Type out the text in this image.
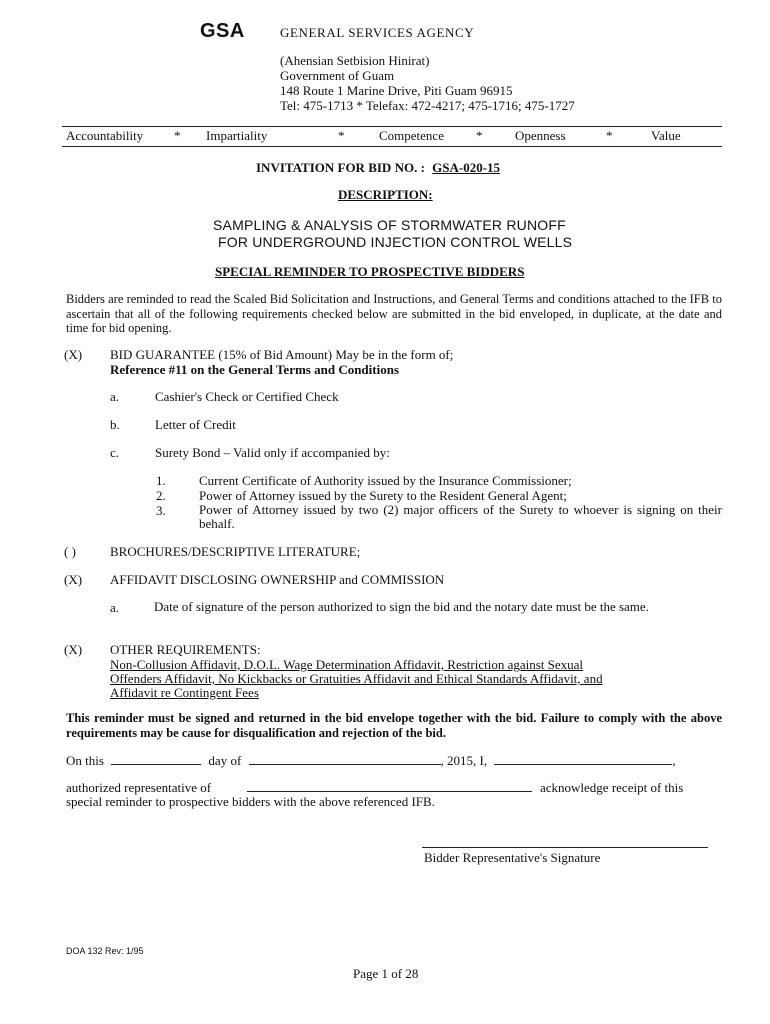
GSA	GENERAL SERVICES AGENCY
(Ahensian Setbision Hinirat)
Government of Guam
148 Route 1 Marine Drive, Piti Guam 96915
Tel: 475-1713 * Telefax: 472-4217; 475-1716; 475-1727
Accountability * Impartiality	*	Competence *	Openness	*	Value
INVITATION FOR BID NO. : GSA-020-15
DESCRIPTION:
SAMPLING & ANALYSIS OF STORMWATER RUNOFF
FOR UNDERGROUND INJECTION CONTROL WELLS
SPECIAL REMINDER TO PROSPECTIVE BIDDERS
Bidders are reminded to read the Scaled Bid Solicitation and Instructions, and General Terms and conditions attached to the IFB to ascertain that all of the following requirements checked below are submitted in the bid enveloped, in duplicate, at the date and time for bid opening.
(X) BID GUARANTEE (15% of Bid Amount) May be in the form of;
Reference #11 on the General Terms and Conditions
a.	Cashier's Check or Certified Check
b.	Letter of Credit
c.	Surety Bond – Valid only if accompanied by:
1.	Current Certificate of Authority issued by the Insurance Commissioner;
2.	Power of Attorney issued by the Surety to the Resident General Agent;
3.	Power of Attorney issued by two (2) major officers of the Surety to whoever is signing on their behalf.
( )	BROCHURES/DESCRIPTIVE LITERATURE;
(X) AFFIDAVIT DISCLOSING OWNERSHIP and COMMISSION
a.	Date of signature of the person authorized to sign the bid and the notary date must be the same.
(X) OTHER REQUIREMENTS:
Non-Collusion Affidavit, D.O.L. Wage Determination Affidavit, Restriction against Sexual
Offenders Affidavit, No Kickbacks or Gratuities Affidavit and Ethical Standards Affidavit, and
Affidavit re Contingent Fees
This reminder must be signed and returned in the bid envelope together with the bid. Failure to comply with the above requirements may be cause for disqualification and rejection of the bid.
On this	day of	, 2015, I,	,
authorized representative of	acknowledge receipt of this
special reminder to prospective bidders with the above referenced IFB.
Bidder Representative's Signature
DOA 132 Rev: 1/95
Page 1 of 28
